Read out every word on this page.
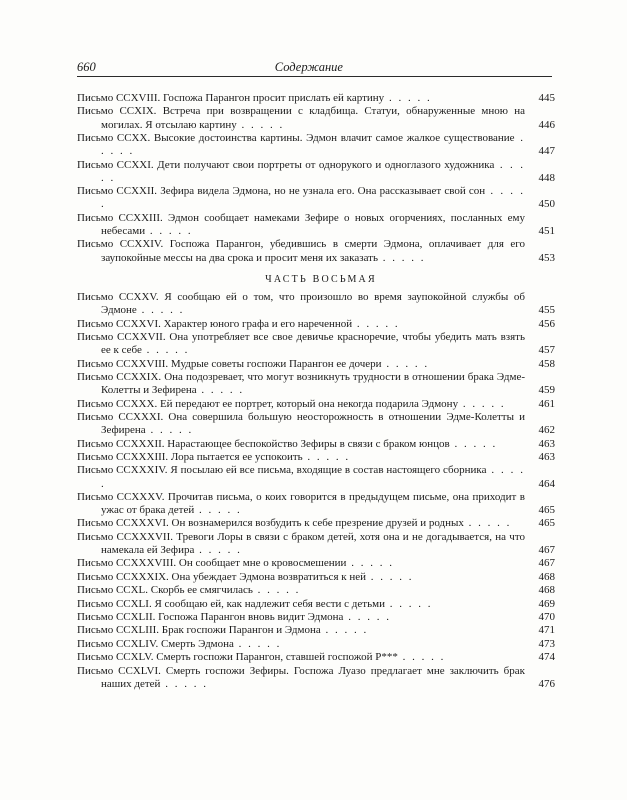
660	Содержание
Письмо CCXVIII. Госпожа Парангон просит прислать ей картину . . . . .	445
Письмо CCXIX. Встреча при возвращении с кладбища. Статуи, обнаруженные мною на могилах. Я отсылаю картину . . . . .	446
Письмо CCXX. Высокие достоинства картины. Эдмон влачит самое жалкое существование . . . . .	447
Письмо CCXXI. Дети получают свои портреты от однорукого и одноглазого художника . . . . .	448
Письмо CCXXII. Зефира видела Эдмона, но не узнала его. Она рассказывает свой сон . . . . .	450
Письмо CCXXIII. Эдмон сообщает намеками Зефире о новых огорчениях, посланных ему небесами . . . . .	451
Письмо CCXXIV. Госпожа Парангон, убедившись в смерти Эдмона, оплачивает для его заупокойные мессы на два срока и просит меня их заказать . . . . .	453
ЧАСТЬ ВОСЬМАЯ
Письмо CCXXV. Я сообщаю ей о том, что произошло во время заупокойной службы об Эдмоне . . . . .	455
Письмо CCXXVI. Характер юного графа и его нареченной . . . . .	456
Письмо CCXXVII. Она употребляет все свое девичье красноречие, чтобы убедить мать взять ее к себе . . . . .	457
Письмо CCXXVIII. Мудрые советы госпожи Парангон ее дочери . . . . .	458
Письмо CCXXIX. Она подозревает, что могут возникнуть трудности в отношении брака Эдме-Колетты и Зефирена . . . . .	459
Письмо CCXXX. Ей передают ее портрет, который она некогда подарила Эдмону . . . . .	461
Письмо CCXXXI. Она совершила большую неосторожность в отношении Эдме-Колетты и Зефирена . . . . .	462
Письмо CCXXXII. Нарастающее беспокойство Зефиры в связи с браком юнцов . . . . .	463
Письмо CCXXXIII. Лора пытается ее успокоить . . . . .	463
Письмо CCXXXIV. Я посылаю ей все письма, входящие в состав настоящего сборника . . . . .	464
Письмо CCXXXV. Прочитав письма, о коих говорится в предыдущем письме, она приходит в ужас от брака детей . . . . .	465
Письмо CCXXXVI. Он вознамерился возбудить к себе презрение друзей и родных . . . . .	465
Письмо CCXXXVII. Тревоги Лоры в связи с браком детей, хотя она и не догадывается, на что намекала ей Зефира . . . . .	467
Письмо CCXXXVIII. Он сообщает мне о кровосмешении . . . . .	467
Письмо CCXXXIX. Она убеждает Эдмона возвратиться к ней . . . . .	468
Письмо CCXL. Скорбь ее смягчилась . . . . .	468
Письмо CCXLI. Я сообщаю ей, как надлежит себя вести с детьми . . . . .	469
Письмо CCXLII. Госпожа Парангон вновь видит Эдмона . . . . .	470
Письмо CCXLIII. Брак госпожи Парангон и Эдмона . . . . .	471
Письмо CCXLIV. Смерть Эдмона . . . . .	473
Письмо CCXLV. Смерть госпожи Парангон, ставшей госпожой Р*** . . . . .	474
Письмо CCXLVI. Смерть госпожи Зефиры. Госпожа Луазо предлагает мне заключить брак наших детей . . . . .	476
